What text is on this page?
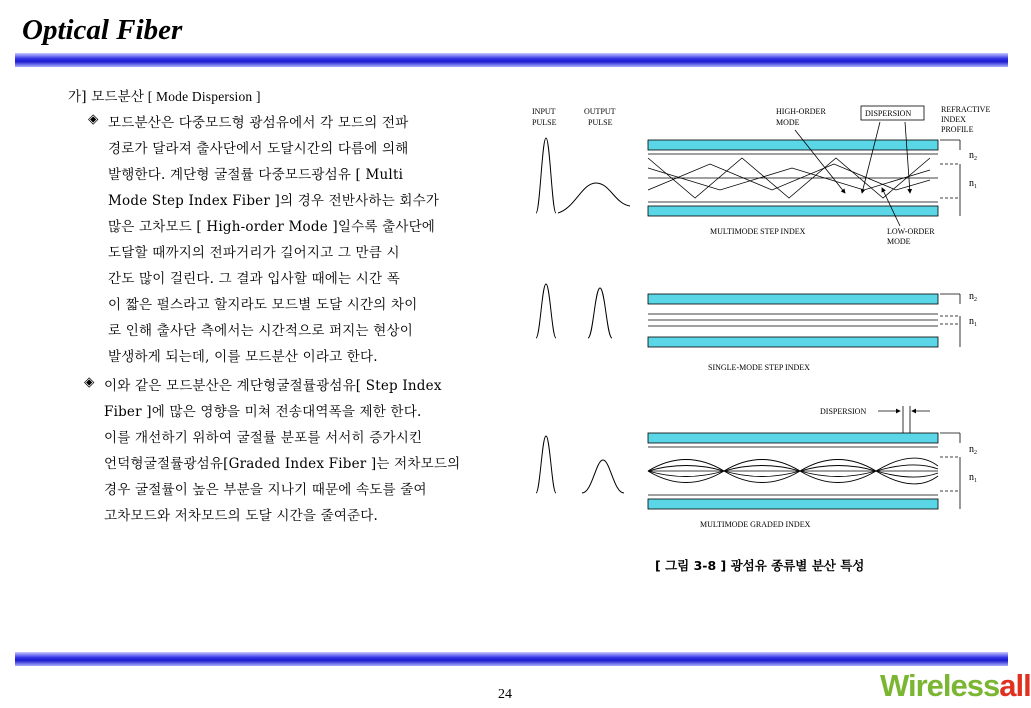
Optical Fiber
가] 모드분산 [ Mode Dispersion ]
◈ 모드분산은 다중모드형 광섬유에서 각 모드의 전파
경로가 달라져 출사단에서 도달시간의 다름에 의해
발행한다. 계단형 굴절률 다중모드광섬유 [ Multi
Mode Step Index Fiber ]의 경우 전반사하는 회수가
많은 고차모드 [ High-order Mode ]일수록 출사단에
도달할 때까지의 전파거리가 길어지고 그 만큼 시
간도 많이 걸린다. 그 결과 입사할 때에는 시간 폭
이 짧은 펄스라고 할지라도 모드별 도달 시간의 차이
로 인해 출사단 측에서는 시간적으로 퍼지는 현상이
발생하게 되는데, 이를 모드분산 이라고 한다.
◈ 이와 같은 모드분산은 계단형굴절률광섬유[ Step Index
Fiber ]에 많은 영향을 미쳐 전송대역폭을 제한 한다.
이를 개선하기 위하여 굴절률 분포를 서서히 증가시킨
언덕형굴절률광섬유[Graded Index Fiber ]는 저차모드의
경우 굴절률이 높은 부분을 지나기 때문에 속도를 줄여
고차모드와 저차모드의 도달 시간을 줄여준다.
INPUT
PULSE
OUTPUT
PULSE
HIGH-ORDER
MODE
DISPERSION	REFRACTIVE
INDEX
PROFILE
MULTIMODE STEP INDEX	LOW-ORDER
MODE
$n_2$
$n_1$
SINGLE-MODE STEP INDEX
$n_2$
$n_1$
DISPERSION
MULTIMODE GRADED INDEX
$n_2$
$n_1$
[ 그림 3-8 ] 광섬유 종류별 분산 특성
24	Wirelessall
